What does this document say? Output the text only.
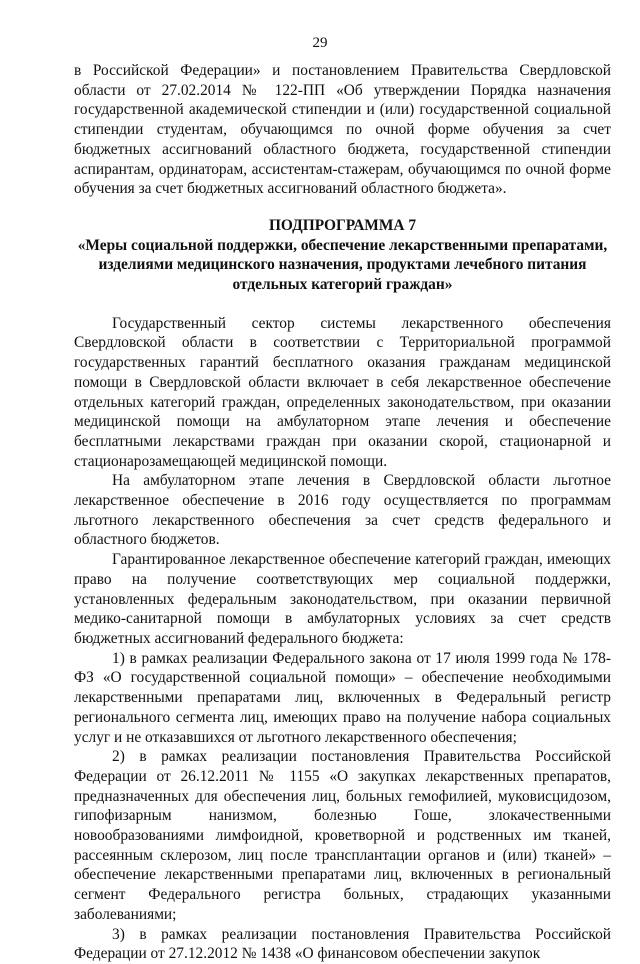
29

в Российской Федерации» и постановлением Правительства Свердловской области от 27.02.2014 № 122-ПП «Об утверждении Порядка назначения государственной академической стипендии и (или) государственной социальной стипендии студентам, обучающимся по очной форме обучения за счет бюджетных ассигнований областного бюджета, государственной стипендии аспирантам, ординаторам, ассистентам-стажерам, обучающимся по очной форме обучения за счет бюджетных ассигнований областного бюджета».

ПОДПРОГРАММА 7
«Меры социальной поддержки, обеспечение лекарственными препаратами, изделиями медицинского назначения, продуктами лечебного питания отдельных категорий граждан»

Государственный сектор системы лекарственного обеспечения Свердловской области в соответствии с Территориальной программой государственных гарантий бесплатного оказания гражданам медицинской помощи в Свердловской области включает в себя лекарственное обеспечение отдельных категорий граждан, определенных законодательством, при оказании медицинской помощи на амбулаторном этапе лечения и обеспечение бесплатными лекарствами граждан при оказании скорой, стационарной и стационарозамещающей медицинской помощи.

На амбулаторном этапе лечения в Свердловской области льготное лекарственное обеспечение в 2016 году осуществляется по программам льготного лекарственного обеспечения за счет средств федерального и областного бюджетов.

Гарантированное лекарственное обеспечение категорий граждан, имеющих право на получение соответствующих мер социальной поддержки, установленных федеральным законодательством, при оказании первичной медико-санитарной помощи в амбулаторных условиях за счет средств бюджетных ассигнований федерального бюджета:

1) в рамках реализации Федерального закона от 17 июля 1999 года № 178-ФЗ «О государственной социальной помощи» – обеспечение необходимыми лекарственными препаратами лиц, включенных в Федеральный регистр регионального сегмента лиц, имеющих право на получение набора социальных услуг и не отказавшихся от льготного лекарственного обеспечения;

2) в рамках реализации постановления Правительства Российской Федерации от 26.12.2011 № 1155 «О закупках лекарственных препаратов, предназначенных для обеспечения лиц, больных гемофилией, муковисцидозом, гипофизарным нанизмом, болезнью Гоше, злокачественными новообразованиями лимфоидной, кроветворной и родственных им тканей, рассеянным склерозом, лиц после трансплантации органов и (или) тканей» – обеспечение лекарственными препаратами лиц, включенных в региональный сегмент Федерального регистра больных, страдающих указанными заболеваниями;

3) в рамках реализации постановления Правительства Российской Федерации от 27.12.2012 № 1438 «О финансовом обеспечении закупок
